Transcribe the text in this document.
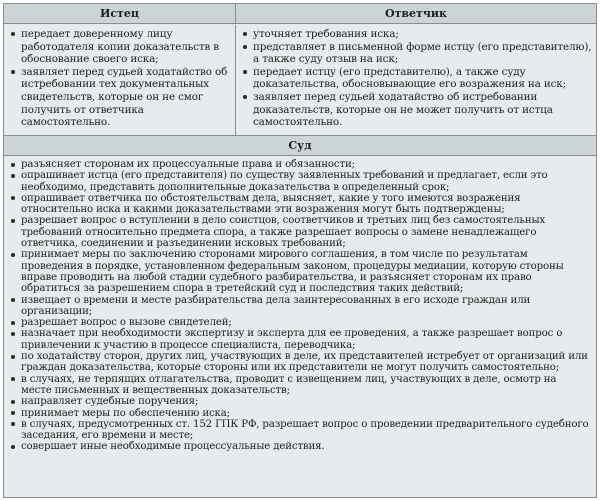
Истец	Ответчик
передает доверенному лицу работодателя копии доказательств в обоснование своего иска;
заявляет перед судьей ходатайство об истребовании тех документальных свидетельств, которые он не смог получить от ответчика самостоятельно.
уточняет требования иска;
представляет в письменной форме истцу (его представителю), а также суду отзыв на иск;
передает истцу (его представителю), а также суду доказательства, обосновывающие его возражения на иск;
заявляет перед судьей ходатайство об истребовании доказательств, которые он не может получить от истца самостоятельно.
Суд
разъясняет сторонам их процессуальные права и обязанности;
опрашивает истца (его представителя) по существу заявленных требований и предлагает, если это необходимо, представить дополнительные доказательства в определенный срок;
опрашивает ответчика по обстоятельствам дела, выясняет, какие у того имеются возражения относительно иска и какими доказательствами эти возражения могут быть подтверждены;
разрешает вопрос о вступлении в дело соистцов, соответчиков и третьих лиц без самостоятельных требований относительно предмета спора, а также разрешает вопросы о замене ненадлежащего ответчика, соединении и разъединении исковых требований;
принимает меры по заключению сторонами мирового соглашения, в том числе по результатам проведения в порядке, установленном федеральным законом, процедуры медиации, которую стороны вправе проводить на любой стадии судебного разбирательства, и разъясняет сторонам их право обратиться за разрешением спора в третейский суд и последствия таких действий;
извещает о времени и месте разбирательства дела заинтересованных в его исходе граждан или организации;
разрешает вопрос о вызове свидетелей;
назначает при необходимости экспертизу и эксперта для ее проведения, а также разрешает вопрос о привлечении к участию в процессе специалиста, переводчика;
по ходатайству сторон, других лиц, участвующих в деле, их представителей истребует от организаций или граждан доказательства, которые стороны или их представители не могут получить самостоятельно;
в случаях, не терпящих отлагательства, проводит с извещением лиц, участвующих в деле, осмотр на месте письменных и вещественных доказательств;
направляет судебные поручения;
принимает меры по обеспечению иска;
в случаях, предусмотренных ст. 152 ГПК РФ, разрешает вопрос о проведении предварительного судебного заседания, его времени и месте;
совершает иные необходимые процессуальные действия.
